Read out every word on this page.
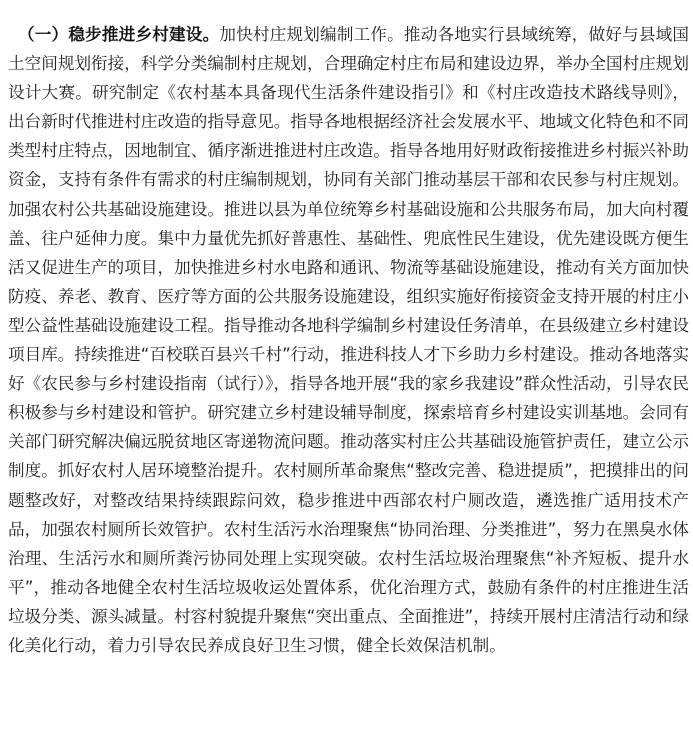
（一）稳步推进乡村建设。加快村庄规划编制工作。推动各地实行县域统筹，做好与县域国土空间规划衔接，科学分类编制村庄规划，合理确定村庄布局和建设边界，举办全国村庄规划设计大赛。研究制定《农村基本具备现代生活条件建设指引》和《村庄改造技术路线导则》，出台新时代推进村庄改造的指导意见。指导各地根据经济社会发展水平、地域文化特色和不同类型村庄特点，因地制宜、循序渐进推进村庄改造。指导各地用好财政衔接推进乡村振兴补助资金，支持有条件有需求的村庄编制规划，协同有关部门推动基层干部和农民参与村庄规划。加强农村公共基础设施建设。推进以县为单位统筹乡村基础设施和公共服务布局，加大向村覆盖、往户延伸力度。集中力量优先抓好普惠性、基础性、兜底性民生建设，优先建设既方便生活又促进生产的项目，加快推进乡村水电路和通讯、物流等基础设施建设，推动有关方面加快防疫、养老、教育、医疗等方面的公共服务设施建设，组织实施好衔接资金支持开展的村庄小型公益性基础设施建设工程。指导推动各地科学编制乡村建设任务清单，在县级建立乡村建设项目库。持续推进“百校联百县兴千村”行动，推进科技人才下乡助力乡村建设。推动各地落实好《农民参与乡村建设指南（试行）》，指导各地开展“我的家乡我建设”群众性活动，引导农民积极参与乡村建设和管护。研究建立乡村建设辅导制度，探索培育乡村建设实训基地。会同有关部门研究解决偏远脱贫地区寄递物流问题。推动落实村庄公共基础设施管护责任，建立公示制度。抓好农村人居环境整治提升。农村厕所革命聚焦“整改完善、稳进提质”，把摸排出的问题整改好，对整改结果持续跟踪问效，稳步推进中西部农村户厕改造，遴选推广适用技术产品，加强农村厕所长效管护。农村生活污水治理聚焦“协同治理、分类推进”，努力在黑臭水体治理、生活污水和厕所粪污协同处理上实现突破。农村生活垃圾治理聚焦“补齐短板、提升水平”，推动各地健全农村生活垃圾收运处置体系，优化治理方式，鼓励有条件的村庄推进生活垃圾分类、源头减量。村容村貌提升聚焦“突出重点、全面推进”，持续开展村庄清洁行动和绿化美化行动，着力引导农民养成良好卫生习惯，健全长效保洁机制。
